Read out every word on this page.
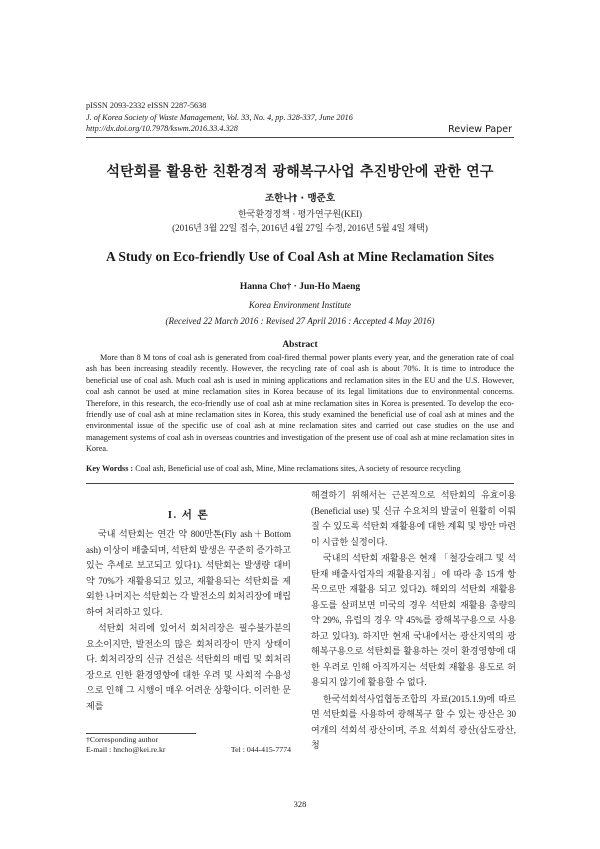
pISSN 2093-2332 eISSN 2287-5638
J. of Korea Society of Waste Management, Vol. 33, No. 4, pp. 328-337, June 2016
http://dx.doi.org/10.7978/kswm.2016.33.4.328	Review Paper
석탄회를 활용한 친환경적 광해복구사업 추진방안에 관한 연구
조한나† · 맹준호
한국환경정책 · 평가연구원(KEI)
(2016년 3월 22일 접수, 2016년 4월 27일 수정, 2016년 5월 4일 채택)
A Study on Eco-friendly Use of Coal Ash at Mine Reclamation Sites
Hanna Cho† · Jun-Ho Maeng
Korea Environment Institute
(Received 22 March 2016 : Revised 27 April 2016 : Accepted 4 May 2016)
Abstract

More than 8 M tons of coal ash is generated from coal-fired thermal power plants every year, and the generation rate of coal ash has been increasing steadily recently. However, the recycling rate of coal ash is about 70%. It is time to introduce the beneficial use of coal ash. Much coal ash is used in mining applications and reclamation sites in the EU and the U.S. However, coal ash cannot be used at mine reclamation sites in Korea because of its legal limitations due to environmental concerns. Therefore, in this research, the eco-friendly use of coal ash at mine reclamation sites in Korea is presented. To develop the eco-friendly use of coal ash at mine reclamation sites in Korea, this study examined the beneficial use of coal ash at mines and the environmental issue of the specific use of coal ash at mine reclamation sites and carried out case studies on the use and management systems of coal ash in overseas countries and investigation of the present use of coal ash at mine reclamation sites in Korea.

Key Wordss : Coal ash, Beneficial use of coal ash, Mine, Mine reclamations sites, A society of resource recycling
I. 서 론

국내 석탄회는 연간 약 800만톤(Fly ash＋Bottom ash) 이상이 배출되며, 석탄회 발생은 꾸준히 증가하고 있는 추세로 보고되고 있다1). 석탄회는 발생량 대비 약 70%가 재활용되고 있고, 재활용되는 석탄회를 제외한 나머지는 석탄회는 각 발전소의 회처리장에 매립하여 처리하고 있다.

석탄회 처리에 있어서 회처리장은 필수불가분의 요소이지만, 발전소의 많은 회처리장이 만지 상태이다. 회처리장의 신규 건설은 석탄회의 매립 및 회처리장으로 인한 환경영향에 대한 우려 및 사회적 수용성으로 인해 그 시행이 매우 어려운 상황이다. 이러한 문제를

해결하기 위해서는 근본적으로 석탄회의 유효이용(Beneficial use) 및 신규 수요처의 발굴이 원활히 이뤄질 수 있도록 석탄회 재활용에 대한 계획 및 방안 마련이 시급한 실정이다.

국내의 석탄회 재활용은 현재 「철강슬래그 및 석탄재 배출사업자의 재활용지침」에 따라 총 15개 항목으로만 재활용 되고 있다2). 해외의 석탄회 재활용 용도를 살펴보면 미국의 경우 석탄회 재활용 총량의 약 29%, 유럽의 경우 약 45%를 광해복구용으로 사용하고 있다3). 하지만 현재 국내에서는 광산지역의 광해복구용으로 석탄회를 활용하는 것이 환경영향에 대한 우려로 인해 아직까지는 석탄회 재활용 용도로 허용되지 않기에 활용할 수 없다.

한국석회석사업협동조합의 자료(2015.1.9)에 따르면 석탄회를 사용하여 광해복구 할 수 있는 광산은 30여개의 석회석 광산이며, 주요 석회석 광산(삼도광산, 청

†Corresponding author
E-mail : hncho@kei.re.kr	Tel : 044-415-7774
328
